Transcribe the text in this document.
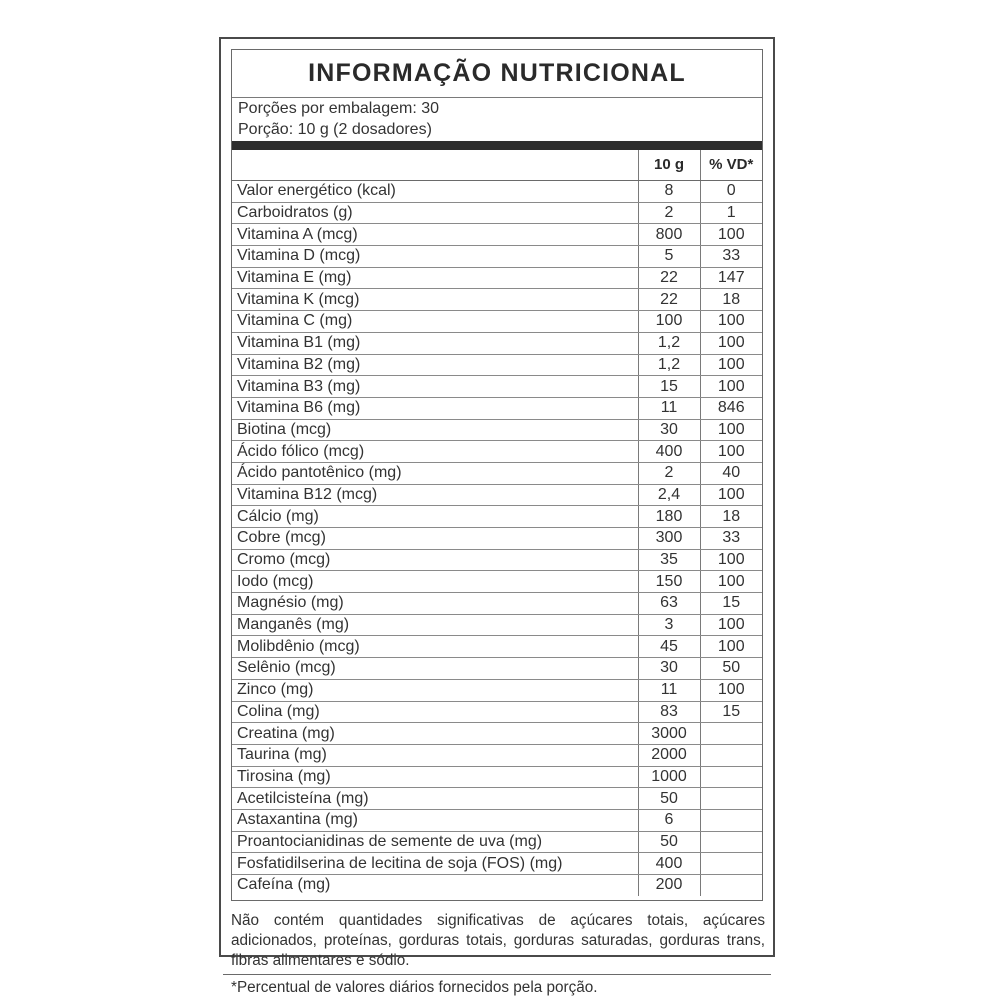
INFORMAÇÃO NUTRICIONAL
Porções por embalagem: 30
Porção: 10 g (2 dosadores)
	10 g	% VD*
Valor energético (kcal)	8	0
Carboidratos (g)	2	1
Vitamina A (mcg)	800	100
Vitamina D (mcg)	5	33
Vitamina E (mg)	22	147
Vitamina K (mcg)	22	18
Vitamina C (mg)	100	100
Vitamina B1 (mg)	1,2	100
Vitamina B2 (mg)	1,2	100
Vitamina B3 (mg)	15	100
Vitamina B6 (mg)	11	846
Biotina (mcg)	30	100
Ácido fólico (mcg)	400	100
Ácido pantotênico (mg)	2	40
Vitamina B12 (mcg)	2,4	100
Cálcio (mg)	180	18
Cobre (mcg)	300	33
Cromo (mcg)	35	100
Iodo (mcg)	150	100
Magnésio (mg)	63	15
Manganês (mg)	3	100
Molibdênio (mcg)	45	100
Selênio (mcg)	30	50
Zinco (mg)	11	100
Colina (mg)	83	15
Creatina (mg)	3000	
Taurina (mg)	2000	
Tirosina (mg)	1000	
Acetilcisteína (mg)	50	
Astaxantina (mg)	6	
Proantocianidinas de semente de uva (mg)	50	
Fosfatidilserina de lecitina de soja (FOS) (mg)	400	
Cafeína (mg)	200	
Não contém quantidades significativas de açúcares totais, açúcares adicionados, proteínas, gorduras totais, gorduras saturadas, gorduras trans, fibras alimentares e sódio.
*Percentual de valores diários fornecidos pela porção.
